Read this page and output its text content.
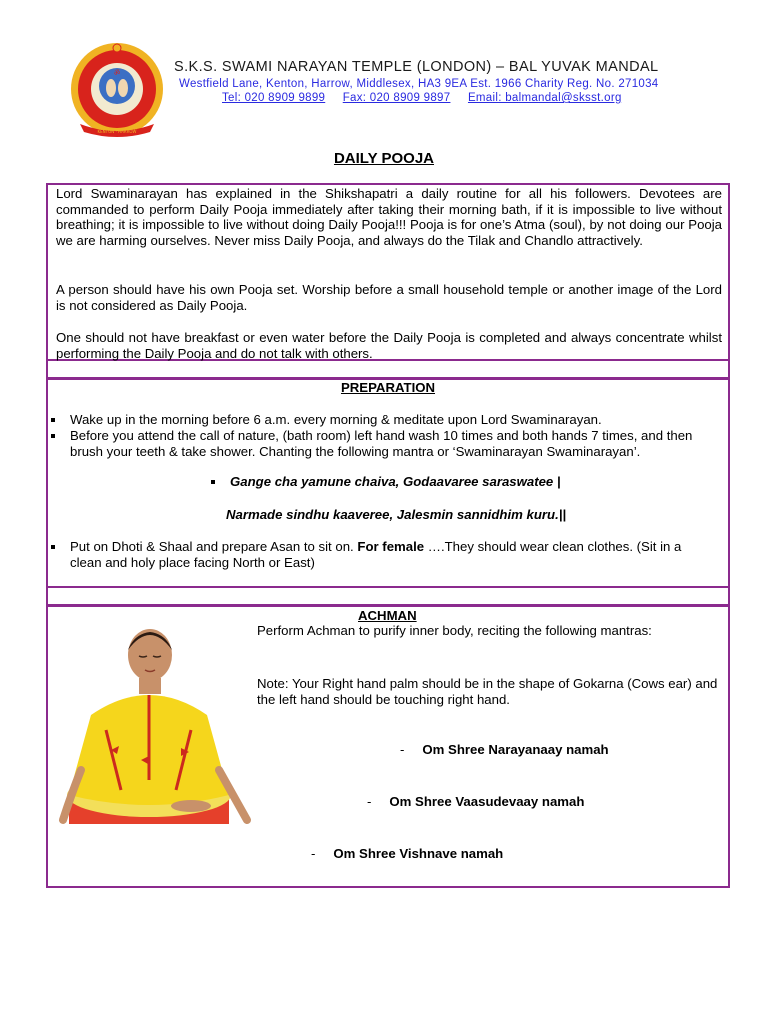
ॐ
KENTON · HARROW
S.K.S. SWAMI NARAYAN TEMPLE (LONDON) – BAL YUVAK MANDAL
Westfield Lane, Kenton, Harrow, Middlesex, HA3 9EA Est. 1966 Charity Reg. No. 271034
Tel: 020 8909 9899 Fax: 020 8909 9897 Email: balmandal@sksst.org
DAILY POOJA

Lord Swaminarayan has explained in the Shikshapatri a daily routine for all his followers. Devotees are commanded to perform Daily Pooja immediately after taking their morning bath, if it is impossible to live without breathing; it is impossible to live without doing Daily Pooja!!! Pooja is for one’s Atma (soul), by not doing our Pooja we are harming ourselves. Never miss Daily Pooja, and always do the Tilak and Chandlo attractively.

A person should have his own Pooja set. Worship before a small household temple or another image of the Lord is not considered as Daily Pooja.

One should not have breakfast or even water before the Daily Pooja is completed and always concentrate whilst performing the Daily Pooja and do not talk with others.

PREPARATION
Wake up in the morning before 6 a.m. every morning & meditate upon Lord Swaminarayan.
Before you attend the call of nature, (bath room) left hand wash 10 times and both hands 7 times, and then brush your teeth & take shower. Chanting the following mantra or ‘Swaminarayan Swaminarayan’.
Gange cha yamune chaiva, Godaavaree saraswatee |
Narmade sindhu kaaveree, Jalesmin sannidhim kuru.||
Put on Dhoti & Shaal and prepare Asan to sit on. For female ….They should wear clean clothes. (Sit in a clean and holy place facing North or East)
ACHMAN
Perform Achman to purify inner body, reciting the following mantras:
Note: Your Right hand palm should be in the shape of Gokarna (Cows ear) and the left hand should be touching right hand.
- Om Shree Narayanaay namah
- Om Shree Vaasudevaay namah
- Om Shree Vishnave namah
